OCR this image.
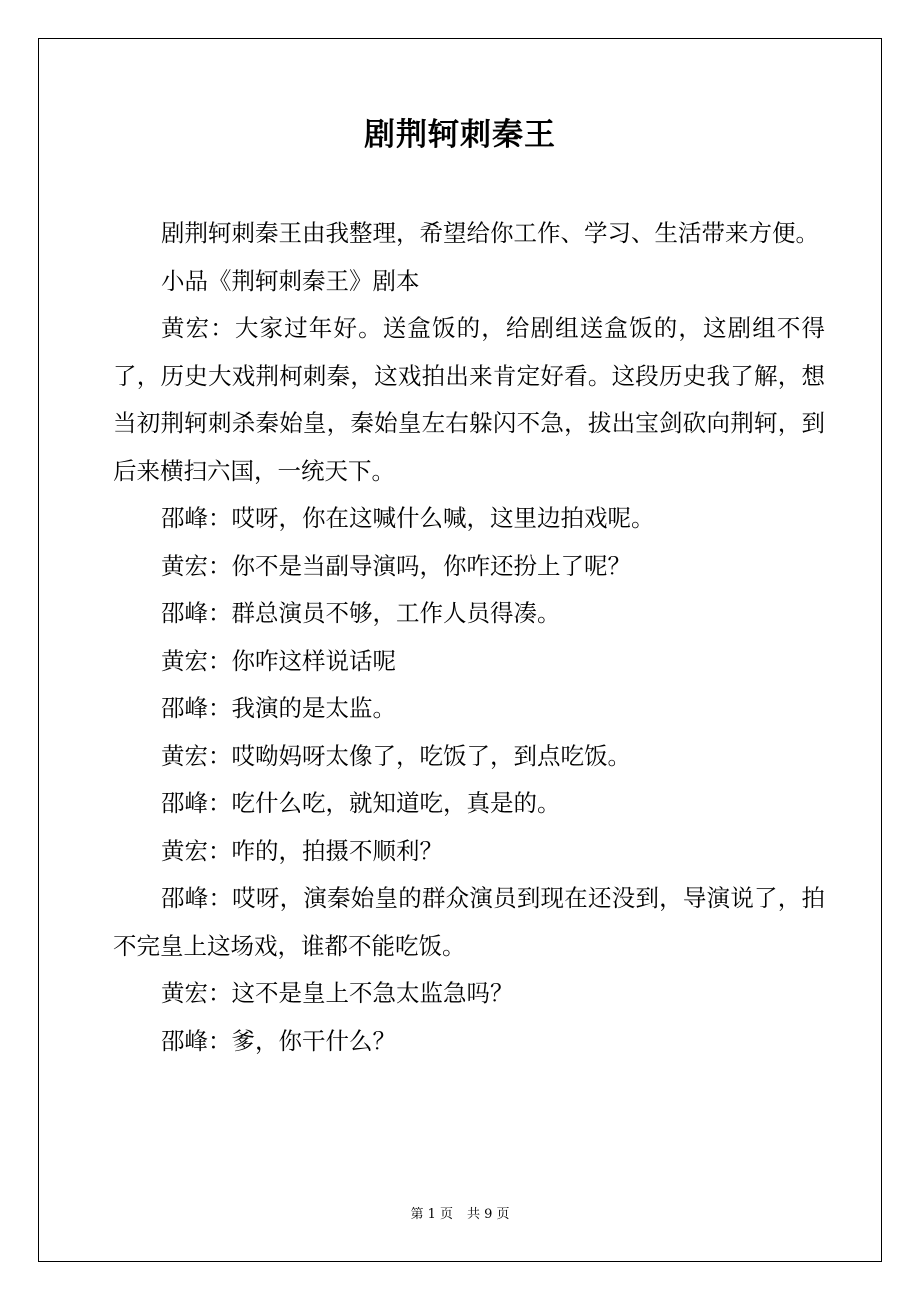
剧荆轲刺秦王

剧荆轲刺秦王由我整理，希望给你工作、学习、生活带来方便。

小品《荆轲刺秦王》剧本

黄宏：大家过年好。送盒饭的，给剧组送盒饭的，这剧组不得了，历史大戏荆柯刺秦，这戏拍出来肯定好看。这段历史我了解，想当初荆轲刺杀秦始皇，秦始皇左右躲闪不急，拔出宝剑砍向荆轲，到后来横扫六国，一统天下。

邵峰：哎呀，你在这喊什么喊，这里边拍戏呢。

黄宏：你不是当副导演吗，你咋还扮上了呢？

邵峰：群总演员不够，工作人员得凑。

黄宏：你咋这样说话呢

邵峰：我演的是太监。

黄宏：哎呦妈呀太像了，吃饭了，到点吃饭。

邵峰：吃什么吃，就知道吃，真是的。

黄宏：咋的，拍摄不顺利？

邵峰：哎呀，演秦始皇的群众演员到现在还没到，导演说了，拍不完皇上这场戏，谁都不能吃饭。

黄宏：这不是皇上不急太监急吗？

邵峰：爹，你干什么？

第 1 页 共 9 页
